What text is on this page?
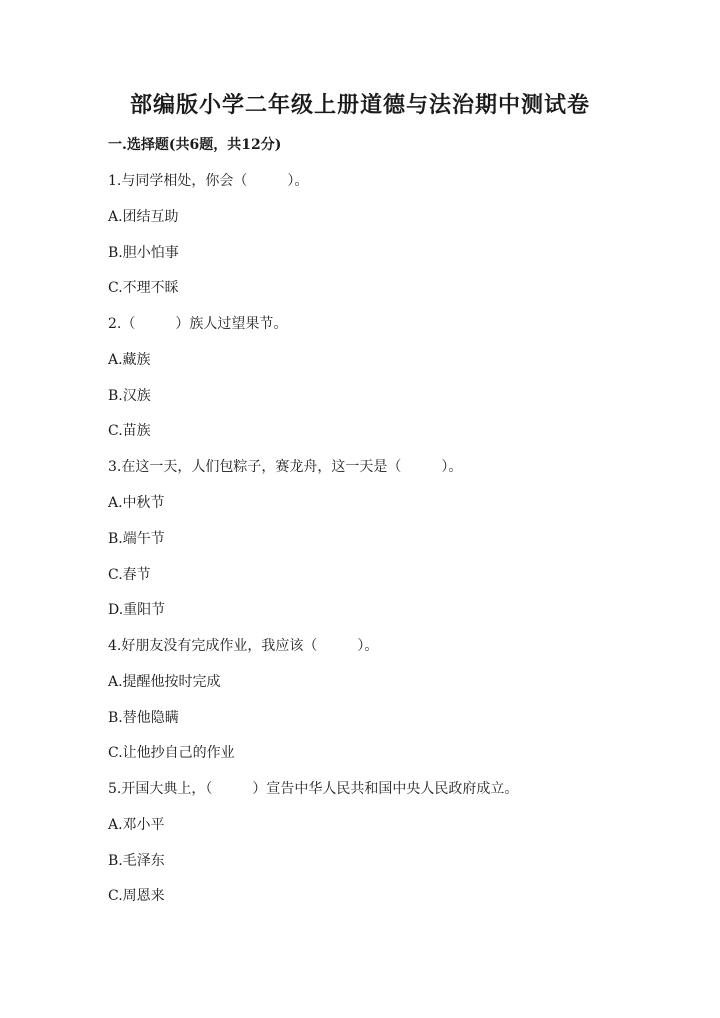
部编版小学二年级上册道德与法治期中测试卷
一.选择题(共6题，共12分)
1.与同学相处，你会（	）。
A.团结互助
B.胆小怕事
C.不理不睬
2.（	）族人过望果节。
A.藏族
B.汉族
C.苗族
3.在这一天，人们包粽子，赛龙舟，这一天是（	）。
A.中秋节
B.端午节
C.春节
D.重阳节
4.好朋友没有完成作业，我应该（	）。
A.提醒他按时完成
B.替他隐瞒
C.让他抄自己的作业
5.开国大典上，（	）宣告中华人民共和国中央人民政府成立。
A.邓小平
B.毛泽东
C.周恩来
